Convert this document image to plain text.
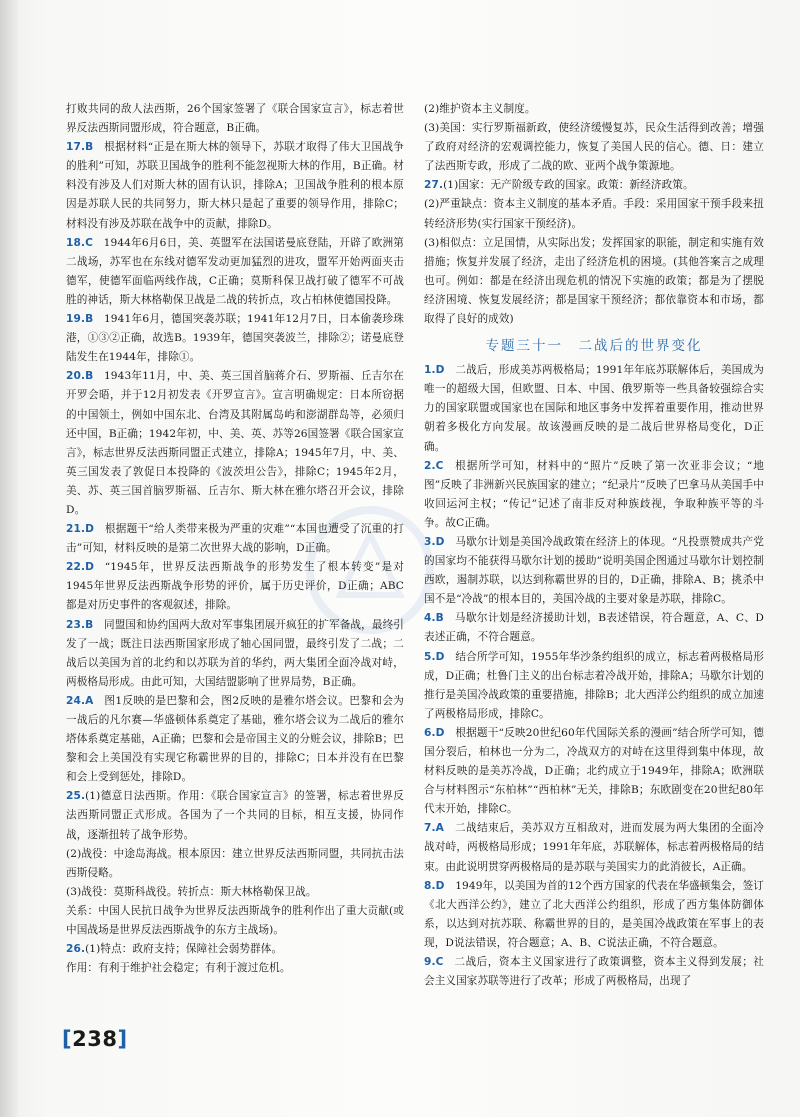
打败共同的敌人法西斯，26个国家签署了《联合国家宣言》，标志着世界反法西斯同盟形成，符合题意，B正确。

17.B  根据材料“正是在斯大林的领导下，苏联才取得了伟大卫国战争的胜利”可知，苏联卫国战争的胜利不能忽视斯大林的作用，B正确。材料没有涉及人们对斯大林的固有认识，排除A；卫国战争胜利的根本原因是苏联人民的共同努力，斯大林只是起了重要的领导作用，排除C；材料没有涉及苏联在战争中的贡献，排除D。

18.C  1944年6月6日，美、英盟军在法国诺曼底登陆，开辟了欧洲第二战场，苏军也在东线对德军发动更加猛烈的进攻，盟军开始两面夹击德军，使德军面临两线作战，C正确；莫斯科保卫战打破了德军不可战胜的神话，斯大林格勒保卫战是二战的转折点，攻占柏林使德国投降。

19.B  1941年6月，德国突袭苏联；1941年12月7日，日本偷袭珍珠港，①③②正确，故选B。1939年，德国突袭波兰，排除②；诺曼底登陆发生在1944年，排除①。

20.B  1943年11月，中、美、英三国首脑蒋介石、罗斯福、丘吉尔在开罗会晤，并于12月初发表《开罗宣言》。宣言明确规定：日本所窃据的中国领土，例如中国东北、台湾及其附属岛屿和澎湖群岛等，必须归还中国，B正确；1942年初，中、美、英、苏等26国签署《联合国家宣言》，标志世界反法西斯同盟正式建立，排除A；1945年7月，中、美、英三国发表了敦促日本投降的《波茨坦公告》，排除C；1945年2月，美、苏、英三国首脑罗斯福、丘吉尔、斯大林在雅尔塔召开会议，排除D。

21.D  根据题干“给人类带来极为严重的灾难”“本国也遭受了沉重的打击”可知，材料反映的是第二次世界大战的影响，D正确。

22.D  “1945年，世界反法西斯战争的形势发生了根本转变”是对1945年世界反法西斯战争形势的评价，属于历史评价，D正确；ABC都是对历史事件的客观叙述，排除。

23.B  同盟国和协约国两大敌对军事集团展开疯狂的扩军备战，最终引发了一战；既注日法西斯国家形成了轴心国同盟，最终引发了二战；二战后以美国为首的北约和以苏联为首的华约，两大集团全面冷战对峙，两极格局形成。由此可知，大国结盟影响了世界局势，B正确。

24.A  图1反映的是巴黎和会，图2反映的是雅尔塔会议。巴黎和会为一战后的凡尔赛—华盛顿体系奠定了基础，雅尔塔会议为二战后的雅尔塔体系奠定基础，A正确；巴黎和会是帝国主义的分赃会议，排除B；巴黎和会上美国没有实现它称霸世界的目的，排除C；日本并没有在巴黎和会上受到惩处，排除D。

25.(1)德意日法西斯。作用：《联合国家宣言》的签署，标志着世界反法西斯同盟正式形成。各国为了一个共同的目标，相互支援，协同作战，逐渐扭转了战争形势。

(2)战役：中途岛海战。根本原因：建立世界反法西斯同盟，共同抗击法西斯侵略。

(3)战役：莫斯科战役。转折点：斯大林格勒保卫战。

关系：中国人民抗日战争为世界反法西斯战争的胜利作出了重大贡献(或中国战场是世界反法西斯战争的东方主战场)。

26.(1)特点：政府支持；保障社会弱势群体。

作用：有利于维护社会稳定；有利于渡过危机。

(2)维护资本主义制度。

(3)美国：实行罗斯福新政，使经济缓慢复苏，民众生活得到改善；增强了政府对经济的宏观调控能力，恢复了美国人民的信心。德、日：建立了法西斯专政，形成了二战的欧、亚两个战争策源地。

27.(1)国家：无产阶级专政的国家。政策：新经济政策。

(2)严重缺点：资本主义制度的基本矛盾。手段：采用国家干预手段来扭转经济形势(实行国家干预经济)。

(3)相似点：立足国情，从实际出发；发挥国家的职能，制定和实施有效措施；恢复并发展了经济，走出了经济危机的困境。(其他答案言之成理也可。例如：都是在经济出现危机的情况下实施的政策；都是为了摆脱经济困境、恢复发展经济；都是国家干预经济；都依靠资本和市场，都取得了良好的成效)

专题三十一　二战后的世界变化

1.D  二战后，形成美苏两极格局；1991年年底苏联解体后，美国成为唯一的超级大国，但欧盟、日本、中国、俄罗斯等一些具备较强综合实力的国家联盟或国家也在国际和地区事务中发挥着重要作用，推动世界朝着多极化方向发展。故该漫画反映的是二战后世界格局变化，D正确。

2.C  根据所学可知，材料中的“照片”反映了第一次亚非会议；“地图”反映了非洲新兴民族国家的建立；“纪录片”反映了巴拿马从美国手中收回运河主权；“传记”记述了南非反对种族歧视，争取种族平等的斗争。故C正确。

3.D  马歇尔计划是美国冷战政策在经济上的体现。“凡投票赞成共产党的国家均不能获得马歇尔计划的援助”说明美国企图通过马歇尔计划控制西欧，遏制苏联，以达到称霸世界的目的，D正确，排除A、B；挑杀中国不是“冷战”的根本目的，美国冷战的主要对象是苏联，排除C。

4.B  马歇尔计划是经济援助计划，B表述错误，符合题意，A、C、D表述正确，不符合题意。

5.D  结合所学可知，1955年华沙条约组织的成立，标志着两极格局形成，D正确；杜鲁门主义的出台标志着冷战开始，排除A；马歇尔计划的推行是美国冷战政策的重要措施，排除B；北大西洋公约组织的成立加速了两极格局形成，排除C。

6.D  根据题干“反映20世纪60年代国际关系的漫画”结合所学可知，德国分裂后，柏林也一分为二，冷战双方的对峙在这里得到集中体现，故材料反映的是美苏冷战，D正确；北约成立于1949年，排除A；欧洲联合与材料图示“东柏林”“西柏林”无关，排除B；东欧剧变在20世纪80年代末开始，排除C。

7.A  二战结束后，美苏双方互相敌对，进而发展为两大集团的全面冷战对峙，两极格局形成；1991年年底，苏联解体，标志着两极格局的结束。由此说明贯穿两极格局的是苏联与美国实力的此消彼长，A正确。

8.D  1949年，以美国为首的12个西方国家的代表在华盛顿集会，签订《北大西洋公约》，建立了北大西洋公约组织，形成了西方集体防御体系，以达到对抗苏联、称霸世界的目的，是美国冷战政策在军事上的表现，D说法错误，符合题意；A、B、C说法正确，不符合题意。

9.C  二战后，资本主义国家进行了政策调整，资本主义得到发展；社会主义国家苏联等进行了改革；形成了两极格局，出现了

[238]
